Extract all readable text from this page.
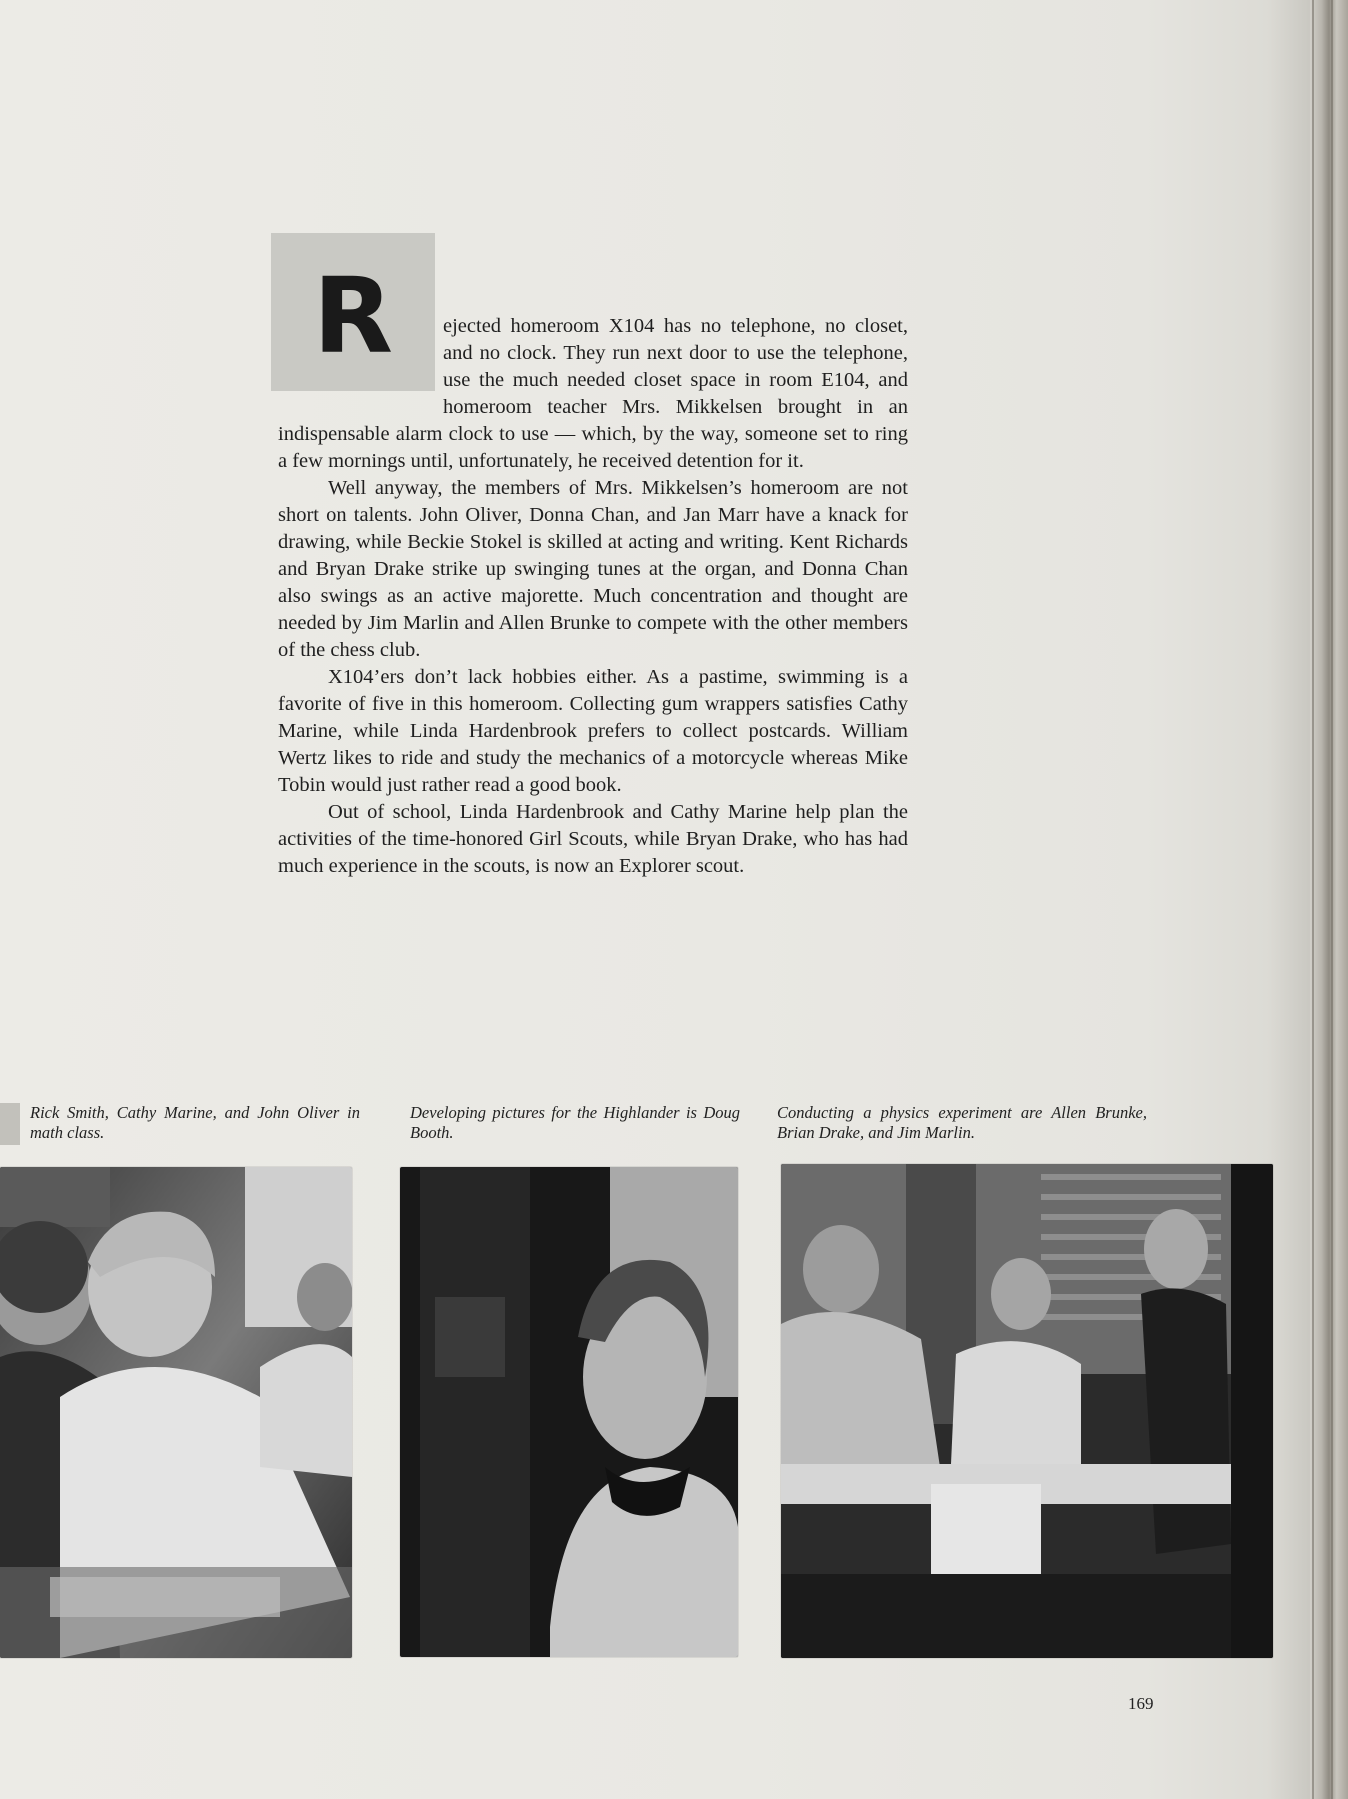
R	ejected homeroom X104 has no telephone, no closet, and no clock. They run next door to use the telephone, use the much needed closet space in room E104, and homeroom teacher Mrs. Mikkelsen brought in an indispensable alarm clock to use — which, by the way, someone set to ring a few mornings until, unfortunately, he received detention for it.

Well anyway, the members of Mrs. Mikkelsen’s homeroom are not short on talents. John Oliver, Donna Chan, and Jan Marr have a knack for drawing, while Beckie Stokel is skilled at acting and writing. Kent Richards and Bryan Drake strike up swinging tunes at the organ, and Donna Chan also swings as an active majorette. Much concentration and thought are needed by Jim Marlin and Allen Brunke to compete with the other members of the chess club.

X104’ers don’t lack hobbies either. As a pastime, swimming is a favorite of five in this homeroom. Collecting gum wrappers satisfies Cathy Marine, while Linda Hardenbrook prefers to collect postcards. William Wertz likes to ride and study the mechanics of a motorcycle whereas Mike Tobin would just rather read a good book.

Out of school, Linda Hardenbrook and Cathy Marine help plan the activities of the time-honored Girl Scouts, while Bryan Drake, who has had much experience in the scouts, is now an Explorer scout.

Rick Smith, Cathy Marine, and John Oliver in math class.
Developing pictures for the Highlander is Doug Booth.
Conducting a physics experiment are Allen Brunke, Brian Drake, and Jim Marlin.
169
